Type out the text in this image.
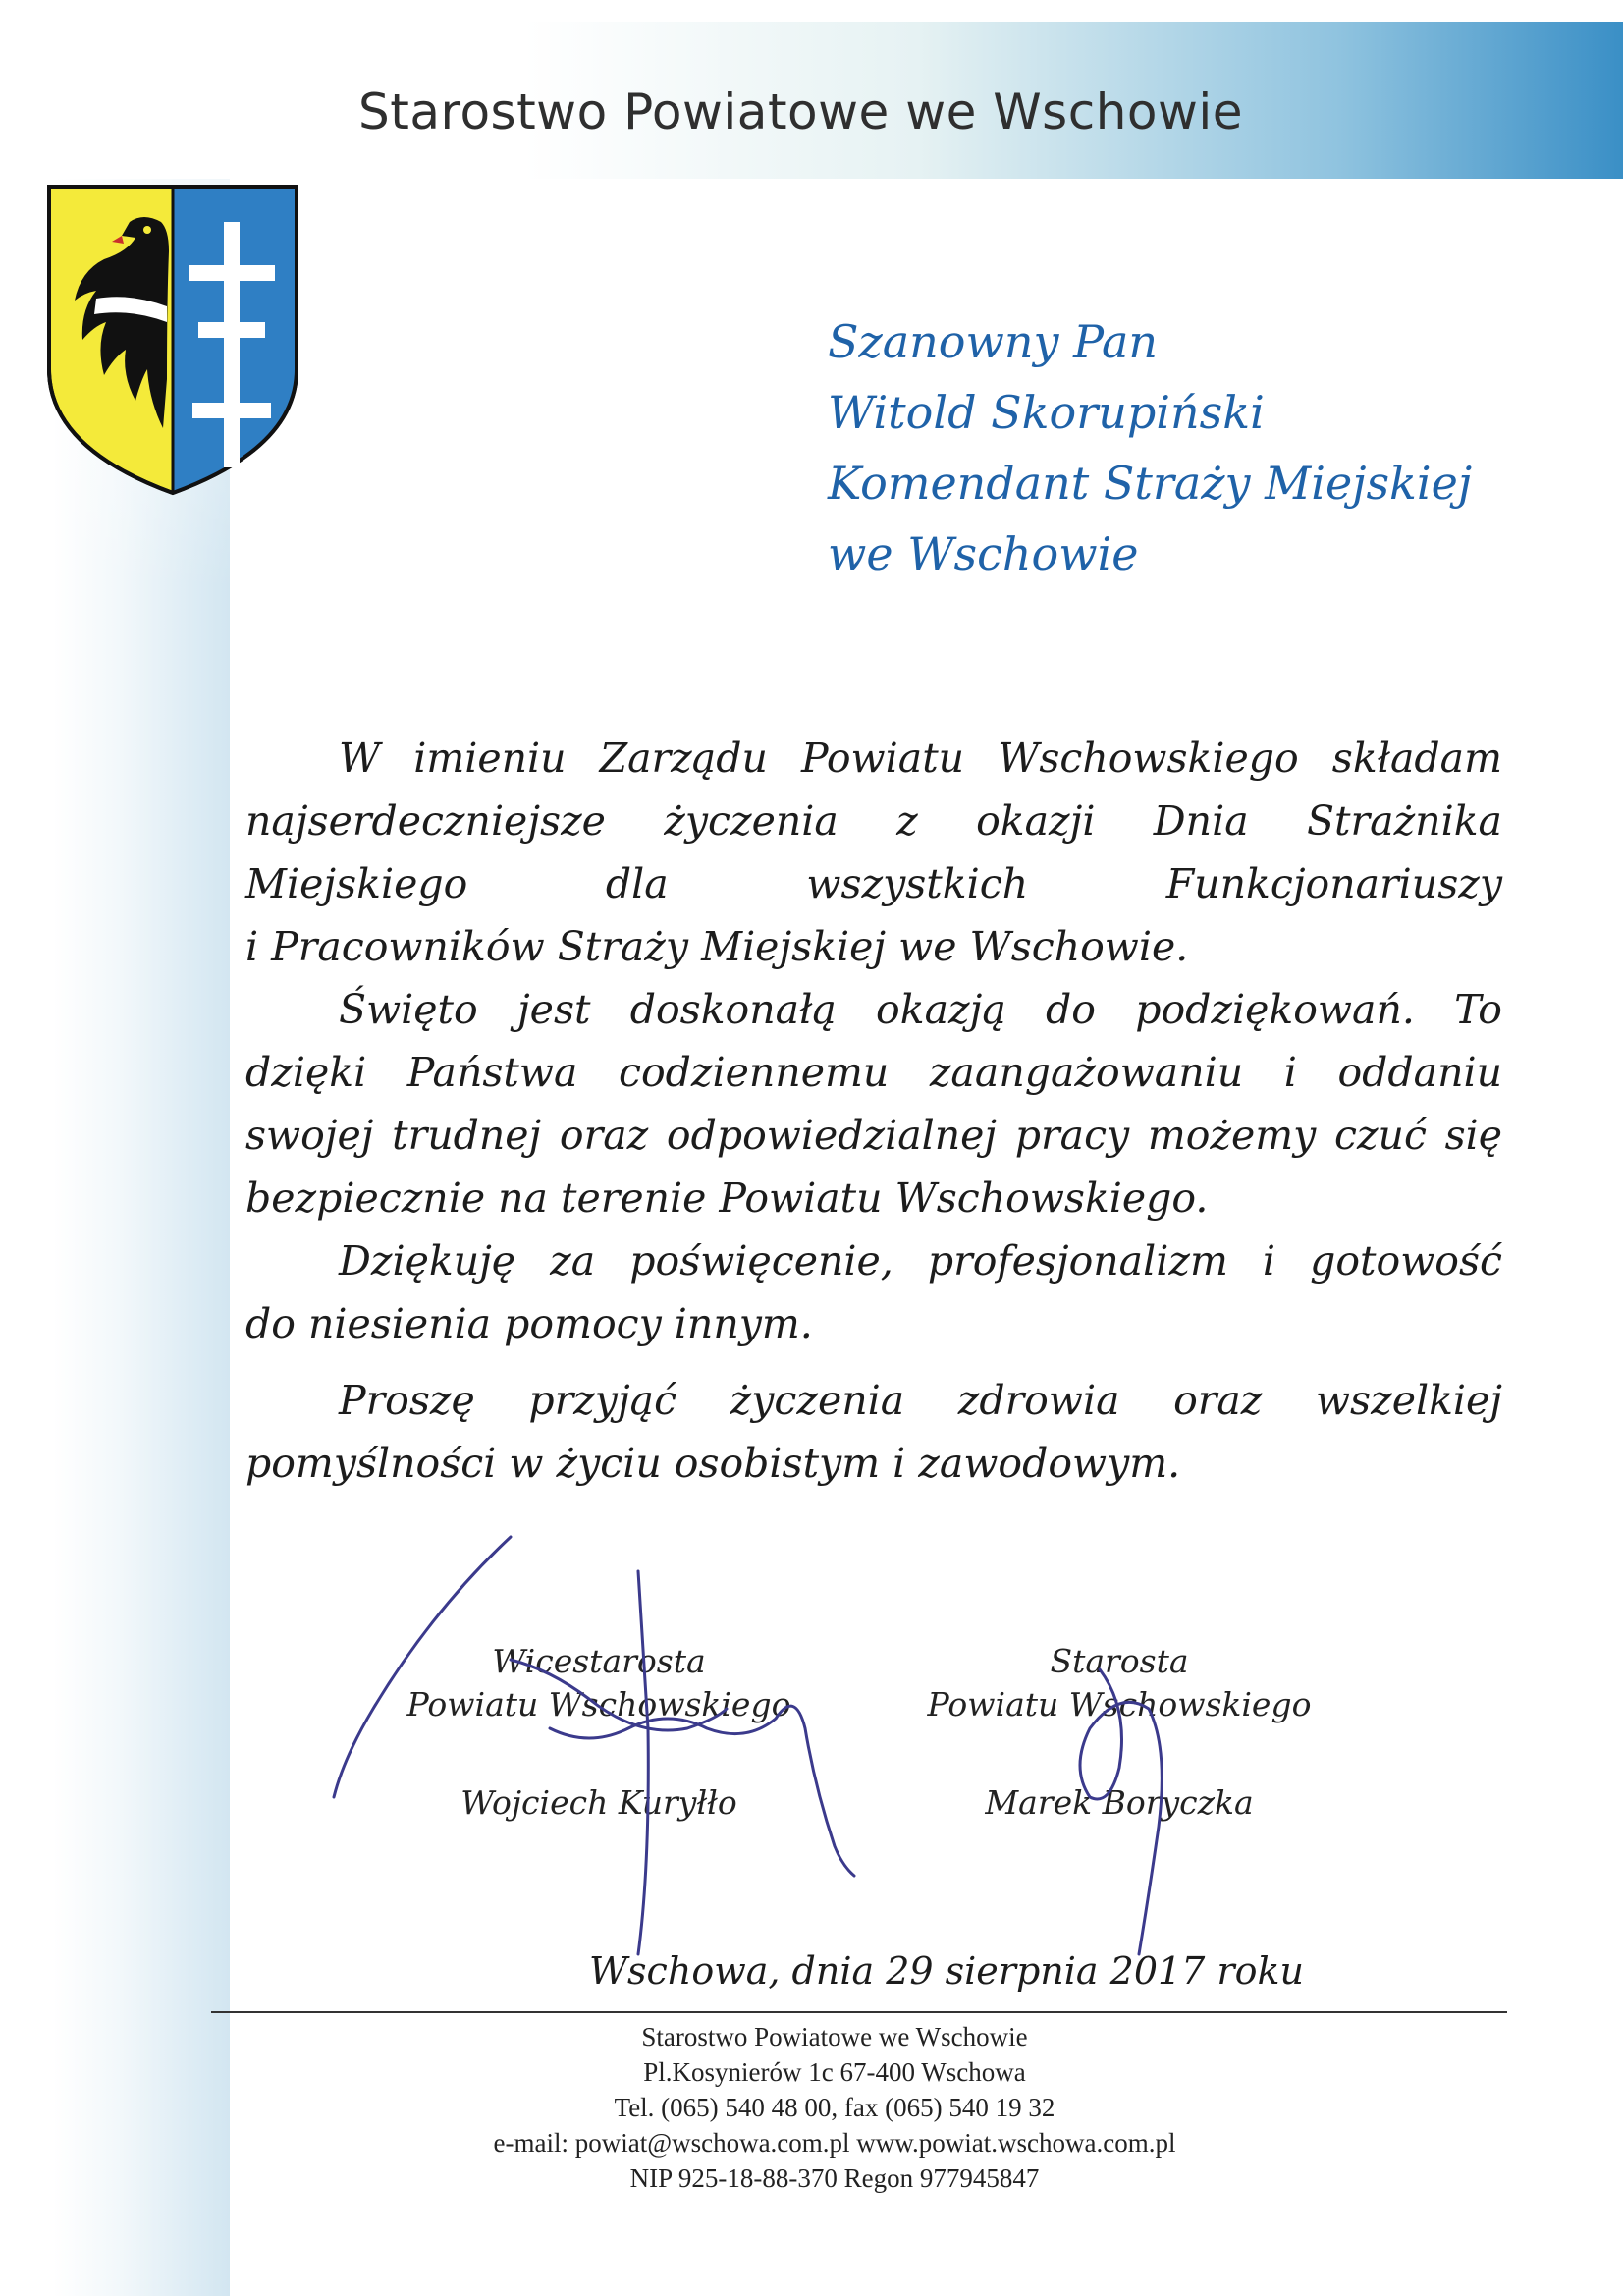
Starostwo Powiatowe we Wschowie
Szanowny Pan
Witold Skorupiński
Komendant Straży Miejskiej
we Wschowie

W imieniu Zarządu Powiatu Wschowskiego składam

najserdeczniejsze życzenia z okazji Dnia Strażnika

Miejskiego dla wszystkich Funkcjonariuszy

i Pracowników Straży Miejskiej we Wschowie.

Święto jest doskonałą okazją do podziękowań. To

dzięki Państwa codziennemu zaangażowaniu i oddaniu

swojej trudnej oraz odpowiedzialnej pracy możemy czuć się

bezpiecznie na terenie Powiatu Wschowskiego.

Dziękuję za poświęcenie, profesjonalizm i gotowość

do niesienia pomocy innym.

Proszę przyjąć życzenia zdrowia oraz wszelkiej

pomyślności w życiu osobistym i zawodowym.

Wicestarosta
Powiatu Wschowskiego
Wojciech Kuryłło
Starosta
Powiatu Wschowskiego
Marek Boryczka
Wschowa, dnia 29 sierpnia 2017 roku
Starostwo Powiatowe we Wschowie
Pl.Kosynierów 1c 67-400 Wschowa
Tel. (065) 540 48 00, fax (065) 540 19 32
e-mail: powiat@wschowa.com.pl www.powiat.wschowa.com.pl
NIP 925-18-88-370 Regon 977945847
